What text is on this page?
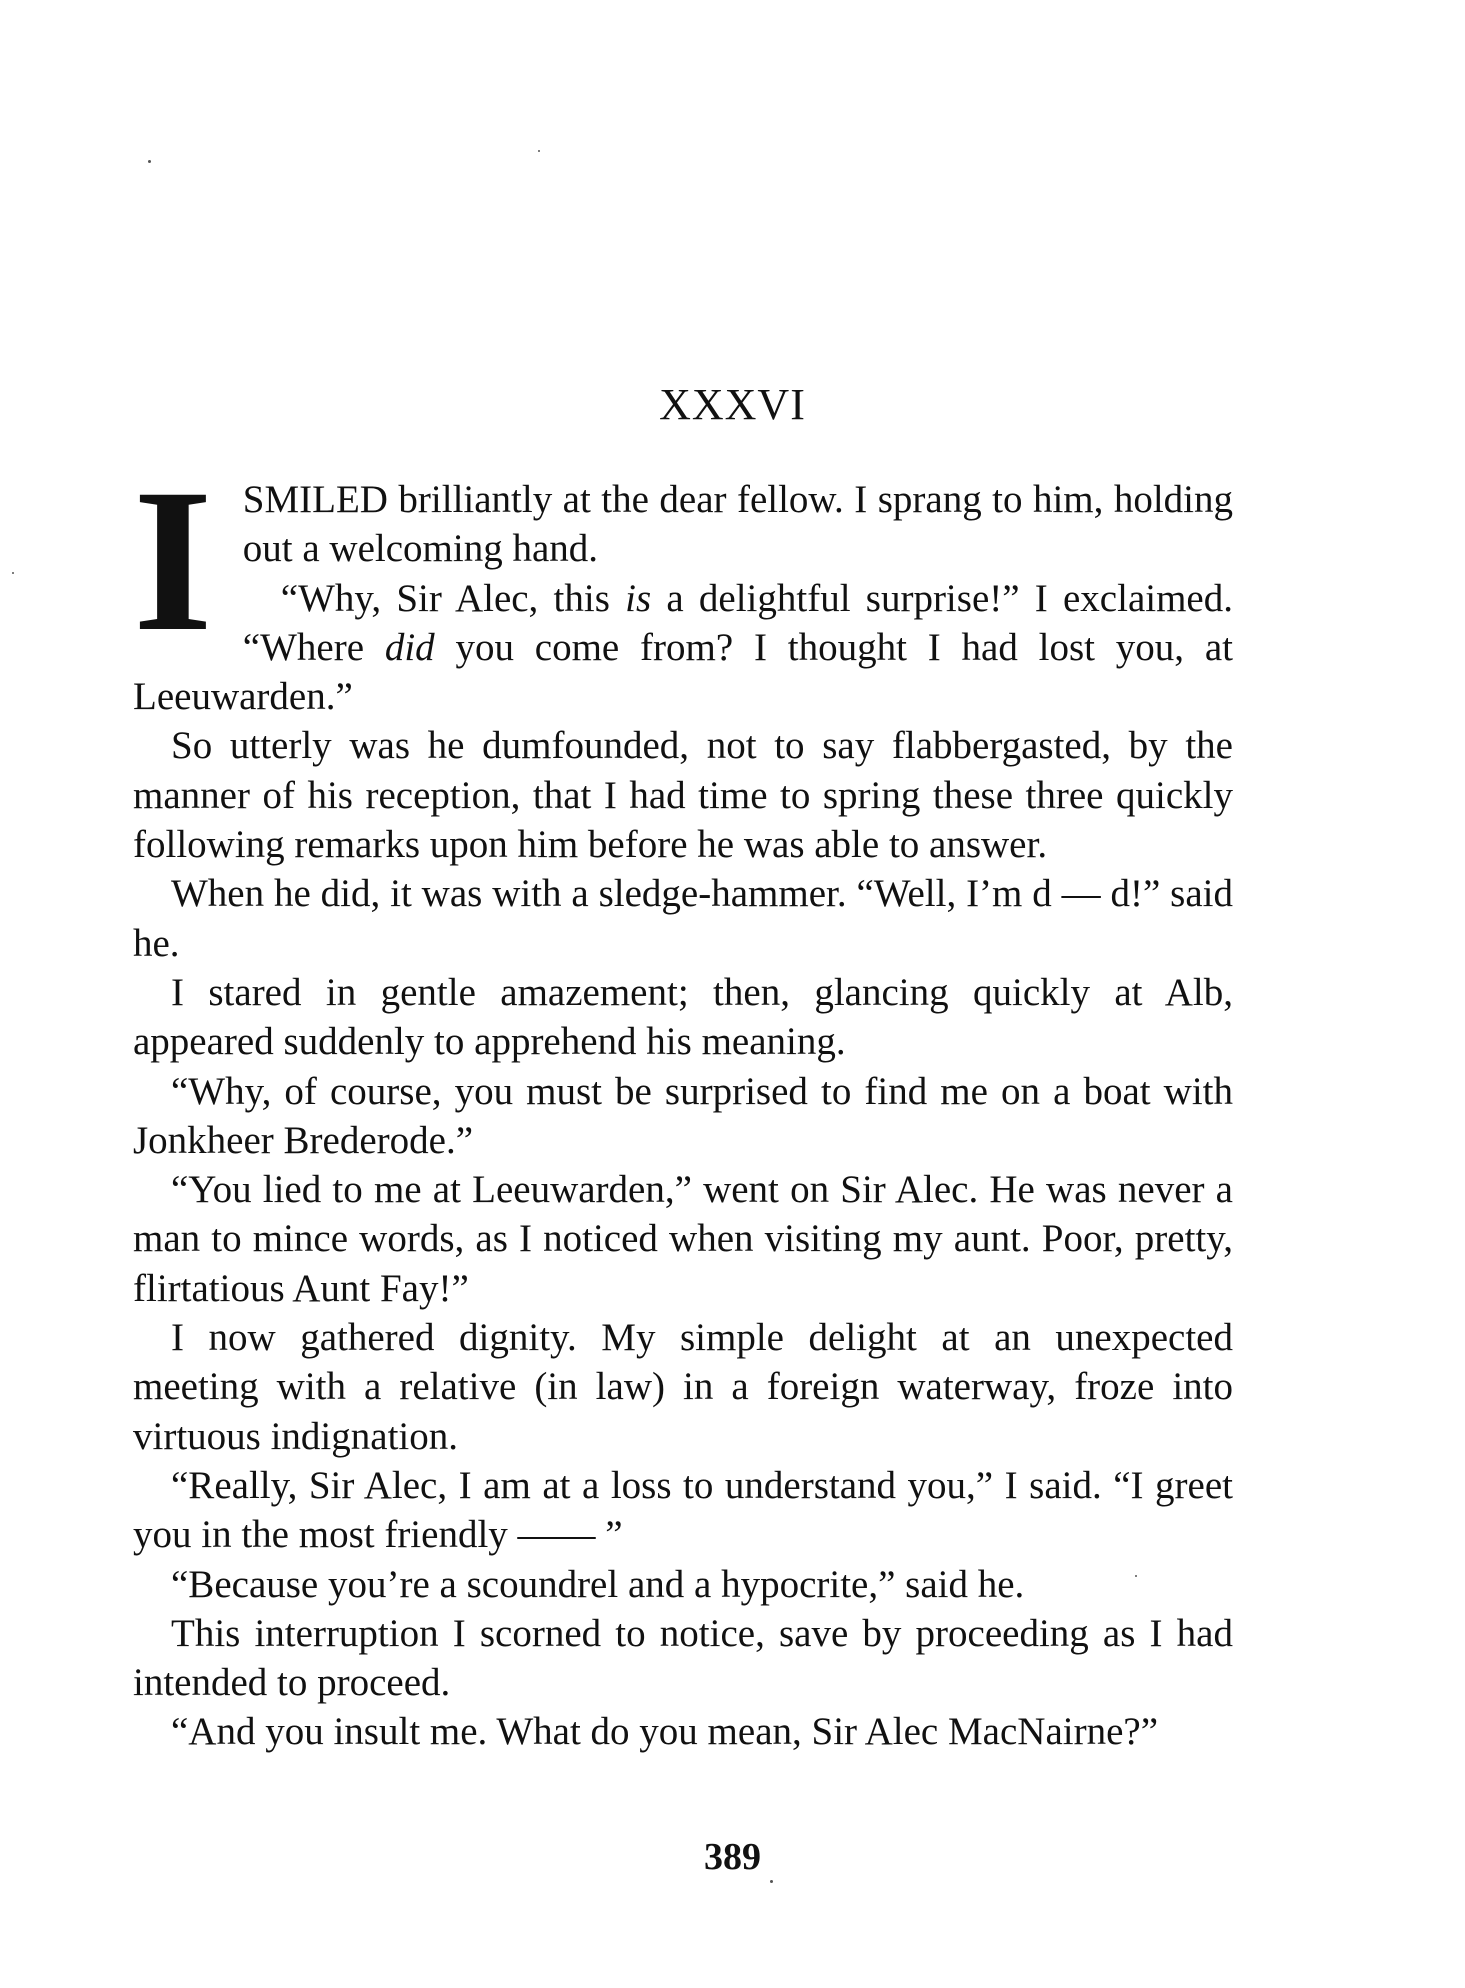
XXXVI

ISMILED brilliantly at the dear fellow. I sprang to him, holding out a welcoming hand.

“Why, Sir Alec, this is a delightful surprise!” I exclaimed. “Where did you come from? I thought I had lost you, at Leeuwarden.”

So utterly was he dumfounded, not to say flabbergasted, by the manner of his reception, that I had time to spring these three quickly following remarks upon him before he was able to answer.

When he did, it was with a sledge-hammer. “Well, I’m d — d!” said he.

I stared in gentle amazement; then, glancing quickly at Alb, appeared suddenly to apprehend his meaning.

“Why, of course, you must be surprised to find me on a boat with Jonkheer Brederode.”

“You lied to me at Leeuwarden,” went on Sir Alec. He was never a man to mince words, as I noticed when visiting my aunt. Poor, pretty, flirtatious Aunt Fay!”

I now gathered dignity. My simple delight at an unexpected meeting with a relative (in law) in a foreign waterway, froze into virtuous indignation.

“Really, Sir Alec, I am at a loss to understand you,” I said. “I greet you in the most friendly —— ”

“Because you’re a scoundrel and a hypocrite,” said he.

This interruption I scorned to notice, save by proceeding as I had intended to proceed.

“And you insult me. What do you mean, Sir Alec MacNairne?”

389
